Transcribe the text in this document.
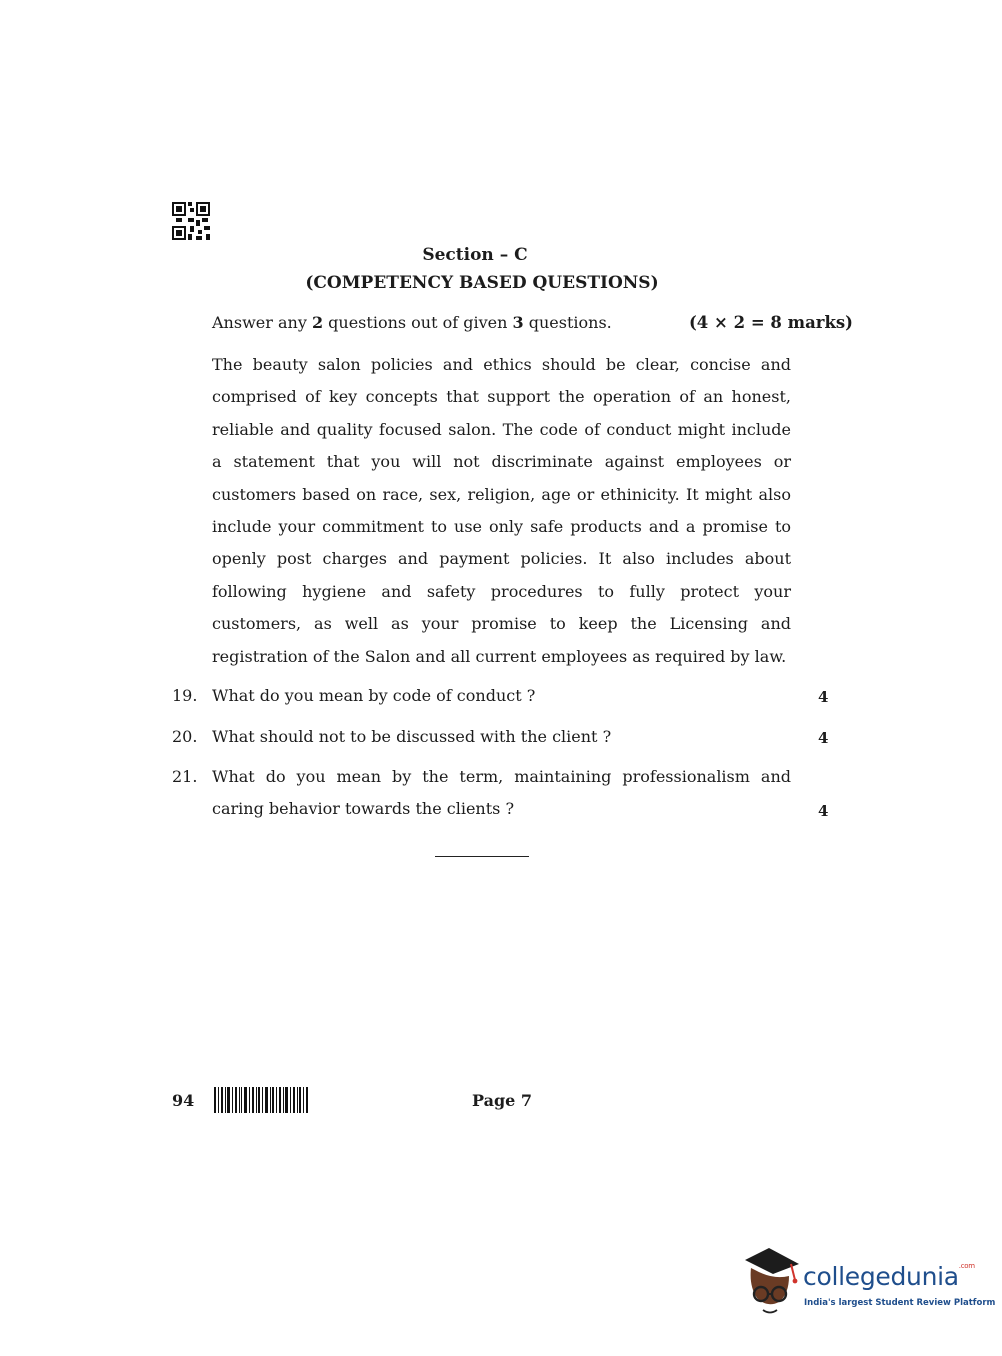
Section – C
(COMPETENCY BASED QUESTIONS)
Answer any 2 questions out of given 3 questions.	(4 × 2 = 8 marks)
The beauty salon policies and ethics should be clear, concise and comprised of key concepts that support the operation of an honest, reliable and quality focused salon. The code of conduct might include a statement that you will not discriminate against employees or customers based on race, sex, religion, age or ethinicity. It might also include your commitment to use only safe products and a promise to openly post charges and payment policies. It also includes about following hygiene and safety procedures to fully protect your customers, as well as your promise to keep the Licensing and registration of the Salon and all current employees as required by law.
19. What do you mean by code of conduct ?	4
20. What should not to be discussed with the client ?	4
21. What do you mean by the term, maintaining professionalism and caring behavior towards the clients ?	4
94	Page 7
collegedunia$^{.com}$
India's largest Student Review Platform
